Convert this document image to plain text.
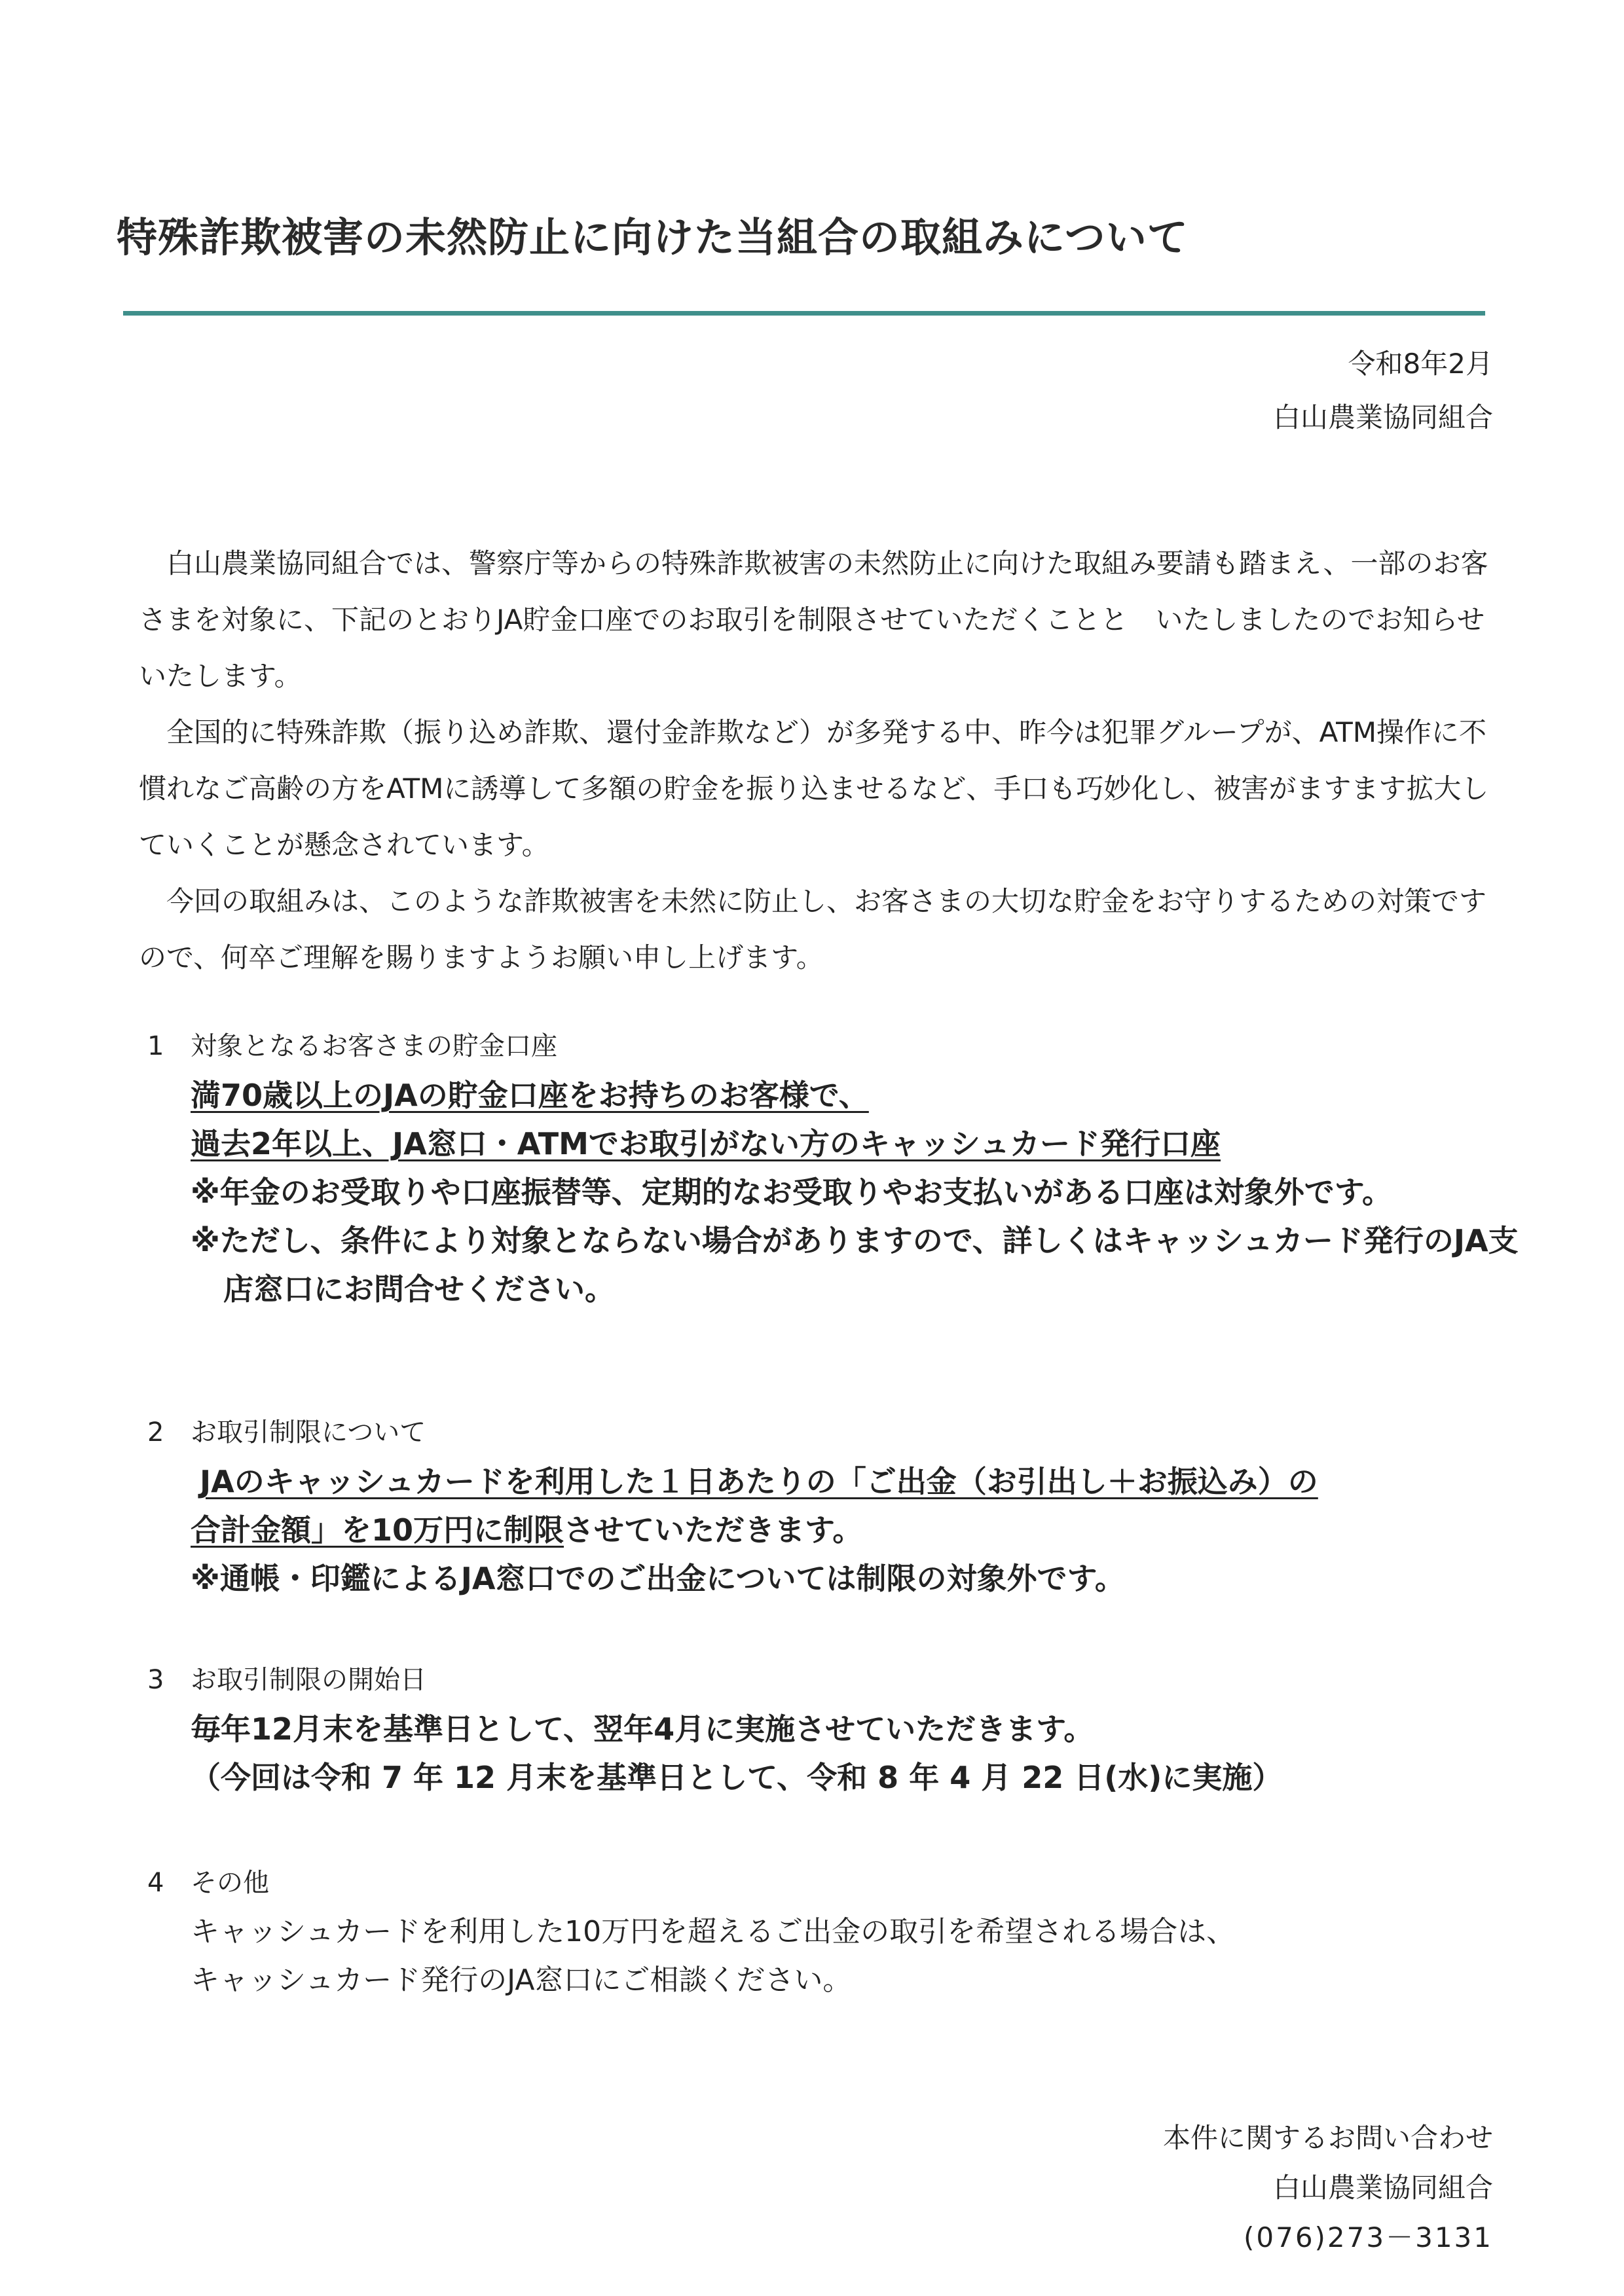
特殊詐欺被害の未然防止に向けた当組合の取組みについて
令和8年2月
白山農業協同組合

白山農業協同組合では、警察庁等からの特殊詐欺被害の未然防止に向けた取組み要請も踏まえ、一部のお客さまを対象に、下記のとおりJA貯金口座でのお取引を制限させていただくことと　いたしましたのでお知らせいたします。

全国的に特殊詐欺（振り込め詐欺、還付金詐欺など）が多発する中、昨今は犯罪グループが、ATM操作に不慣れなご高齢の方をATMに誘導して多額の貯金を振り込ませるなど、手口も巧妙化し、被害がますます拡大していくことが懸念されています。

今回の取組みは、このような詐欺被害を未然に防止し、お客さまの大切な貯金をお守りするための対策ですので、何卒ご理解を賜りますようお願い申し上げます。

1 対象となるお客さまの貯金口座
満70歳以上のJAの貯金口座をお持ちのお客様で、
過去2年以上、JA窓口・ATMでお取引がない方のキャッシュカード発行口座
※年金のお受取りや口座振替等、定期的なお受取りやお支払いがある口座は対象外です。
※ただし、条件により対象とならない場合がありますので、詳しくはキャッシュカード発行のJA支店窓口にお問合せください。
2 お取引制限について
JAのキャッシュカードを利用した１日あたりの「ご出金（お引出し＋お振込み）の
合計金額」を10万円に制限させていただきます。
※通帳・印鑑によるJA窓口でのご出金については制限の対象外です。
3 お取引制限の開始日
毎年12月末を基準日として、翌年4月に実施させていただきます。
（今回は令和 7 年 12 月末を基準日として、令和 8 年 4 月 22 日(水)に実施）
4 その他
キャッシュカードを利用した10万円を超えるご出金の取引を希望される場合は、
キャッシュカード発行のJA窓口にご相談ください。
本件に関するお問い合わせ
白山農業協同組合
(076)273－3131
